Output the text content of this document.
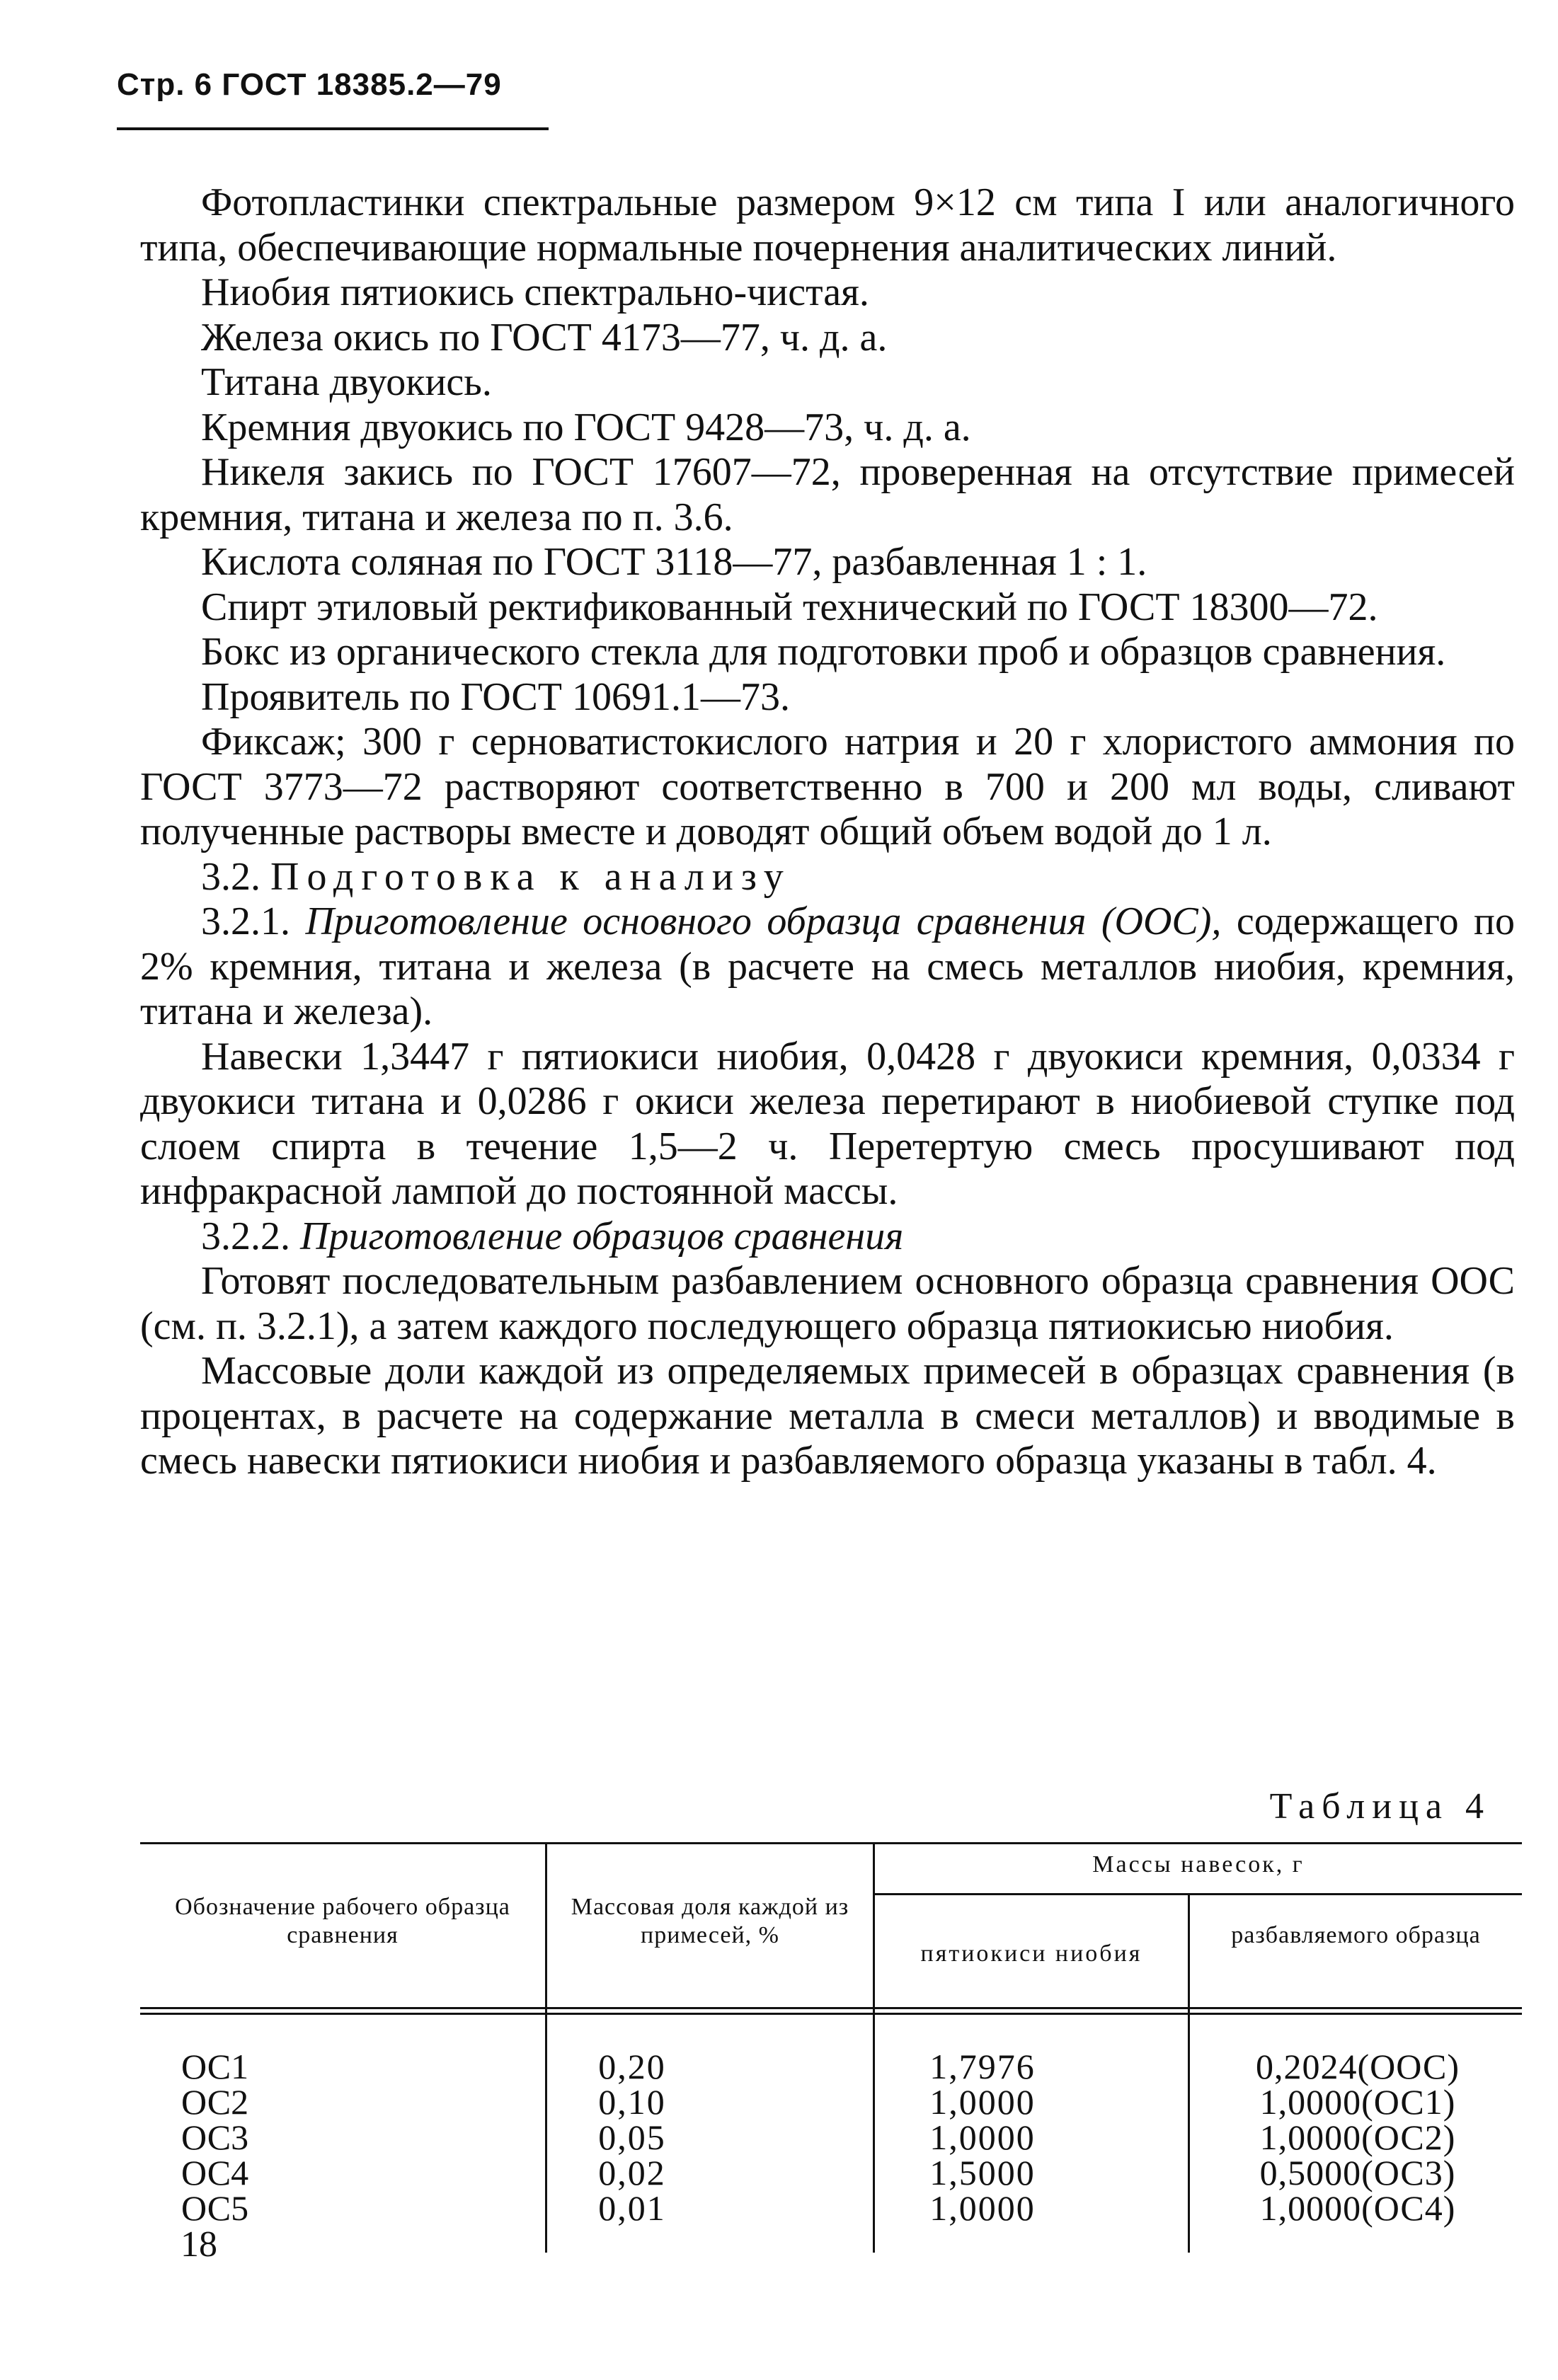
Стр. 6 ГОСТ 18385.2—79

Фотопластинки спектральные размером 9×12 см типа I или аналогичного типа, обеспечивающие нормальные почернения аналитических линий.

Ниобия пятиокись спектрально-чистая.

Железа окись по ГОСТ 4173—77, ч. д. а.

Титана двуокись.

Кремния двуокись по ГОСТ 9428—73, ч. д. а.

Никеля закись по ГОСТ 17607—72, проверенная на отсутствие примесей кремния, титана и железа по п. 3.6.

Кислота соляная по ГОСТ 3118—77, разбавленная 1 : 1.

Спирт этиловый ректификованный технический по ГОСТ 18300—72.

Бокс из органического стекла для подготовки проб и образцов сравнения.

Проявитель по ГОСТ 10691.1—73.

Фиксаж; 300 г серноватистокислого натрия и 20 г хлористого аммония по ГОСТ 3773—72 растворяют соответственно в 700 и 200 мл воды, сливают полученные растворы вместе и доводят общий объем водой до 1 л.

3.2. Подготовка к анализу

3.2.1. Приготовление основного образца сравнения (ООС), содержащего по 2% кремния, титана и железа (в расчете на смесь металлов ниобия, кремния, титана и железа).

Навески 1,3447 г пятиокиси ниобия, 0,0428 г двуокиси кремния, 0,0334 г двуокиси титана и 0,0286 г окиси железа перетирают в ниобиевой ступке под слоем спирта в течение 1,5—2 ч. Перетертую смесь просушивают под инфракрасной лампой до постоянной массы.

3.2.2. Приготовление образцов сравнения

Готовят последовательным разбавлением основного образца сравнения ООС (см. п. 3.2.1), а затем каждого последующего образца пятиокисью ниобия.

Массовые доли каждой из определяемых примесей в образцах сравнения (в процентах, в расчете на содержание металла в смеси металлов) и вводимые в смесь навески пятиокиси ниобия и разбавляемого образца указаны в табл. 4.

Таблица 4
Обозначение рабочего образца сравнения
Массовая доля каждой из примесей, %
Массы навесок, г
пятиокиси ниобия
разбавляемого образца
ОС1
ОС2
ОС3
ОС4
ОС5
0,20
0,10
0,05
0,02
0,01
1,7976
1,0000
1,0000
1,5000
1,0000
0,2024(ООС)
1,0000(ОС1)
1,0000(ОС2)
0,5000(ОС3)
1,0000(ОС4)
18
